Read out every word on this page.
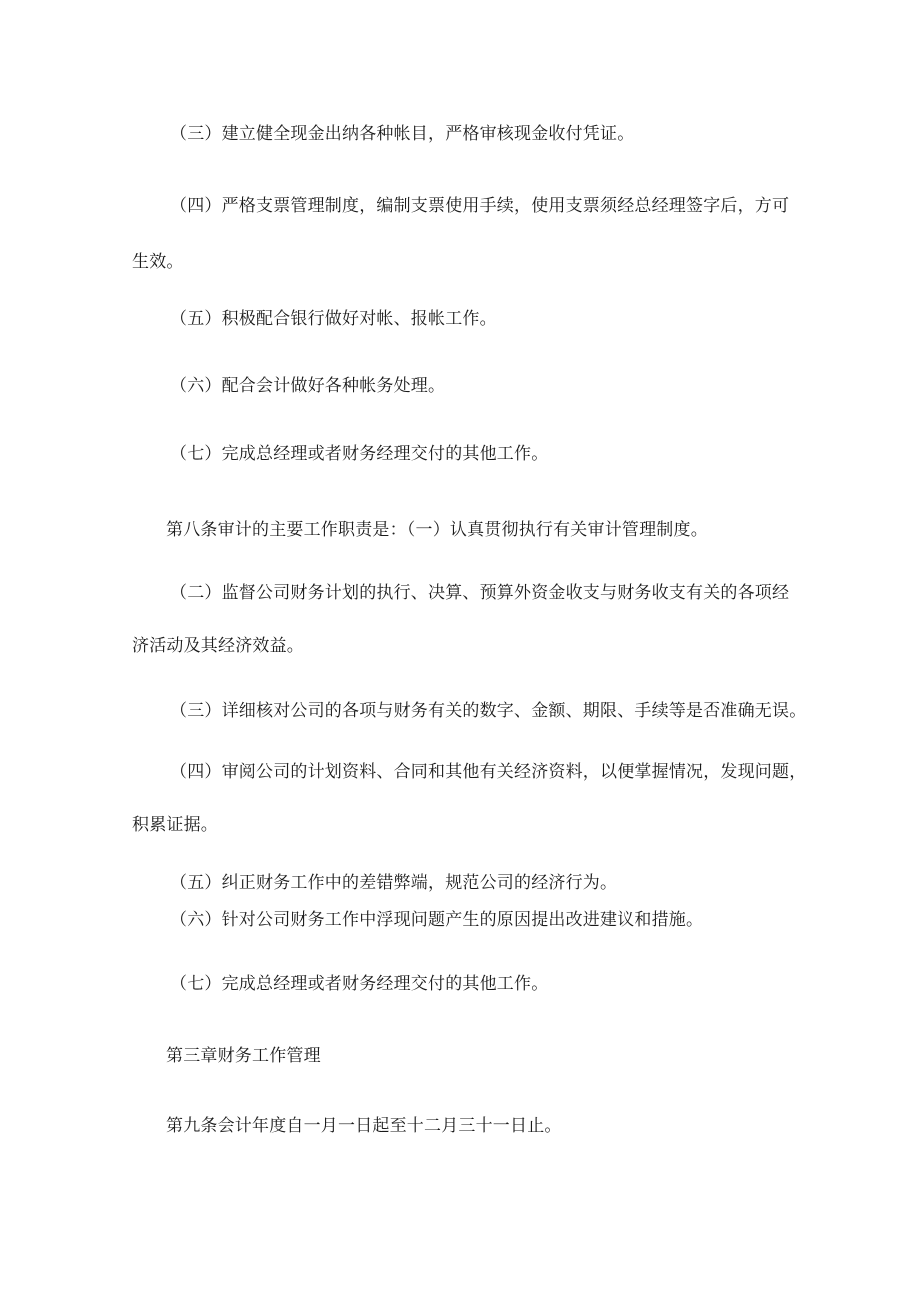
（三）建立健全现金出纳各种帐目，严格审核现金收付凭证。
（四）严格支票管理制度，编制支票使用手续，使用支票须经总经理签字后，方可
生效。
（五）积极配合银行做好对帐、报帐工作。
（六）配合会计做好各种帐务处理。
（七）完成总经理或者财务经理交付的其他工作。
第八条审计的主要工作职责是：（一）认真贯彻执行有关审计管理制度。
（二）监督公司财务计划的执行、决算、预算外资金收支与财务收支有关的各项经
济活动及其经济效益。
（三）详细核对公司的各项与财务有关的数字、金额、期限、手续等是否准确无误。
（四）审阅公司的计划资料、合同和其他有关经济资料，以便掌握情况，发现问题，
积累证据。
（五）纠正财务工作中的差错弊端，规范公司的经济行为。
（六）针对公司财务工作中浮现问题产生的原因提出改进建议和措施。
（七）完成总经理或者财务经理交付的其他工作。
第三章财务工作管理
第九条会计年度自一月一日起至十二月三十一日止。
